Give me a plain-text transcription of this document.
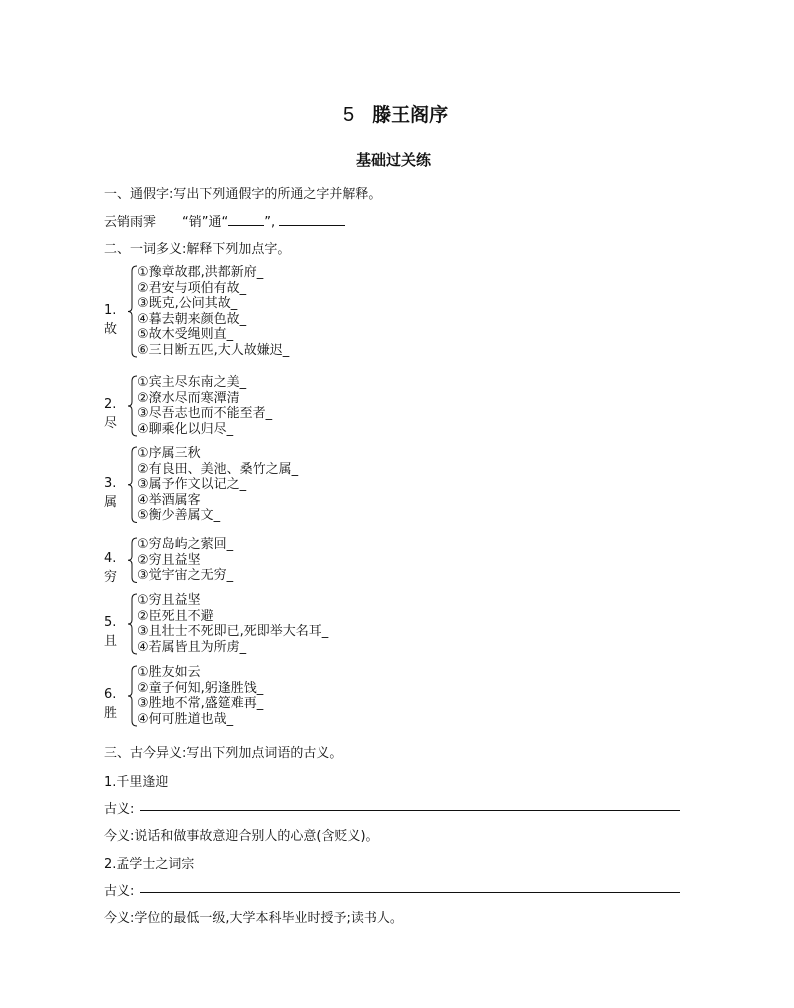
5 滕王阁序
基础过关练
一、通假字:写出下列通假字的所通之字并解释。
云销雨霁　　“销”通“	”,
二、一词多义:解释下列加点字。
1.故
①豫章故郡,洪都新府_
②君安与项伯有故_
③既克,公问其故_
④暮去朝来颜色故_
⑤故木受绳则直_
⑥三日断五匹,大人故嫌迟_
2.尽
①宾主尽东南之美_
②潦水尽而寒潭清
③尽吾志也而不能至者_
④聊乘化以归尽_
3.属
①序属三秋
②有良田、美池、桑竹之属_
③属予作文以记之_
④举酒属客
⑤衡少善属文_
4.穷
①穷岛屿之萦回_
②穷且益坚
③觉宇宙之无穷_
5.且
①穷且益坚
②臣死且不避
③且壮士不死即已,死即举大名耳_
④若属皆且为所虏_
6.胜
①胜友如云
②童子何知,躬逢胜饯_
③胜地不常,盛筵难再_
④何可胜道也哉_
三、古今异义:写出下列加点词语的古义。
1.千里逢迎
古义:
今义:说话和做事故意迎合别人的心意(含贬义)。
2.孟学士之词宗
古义:
今义:学位的最低一级,大学本科毕业时授予;读书人。
